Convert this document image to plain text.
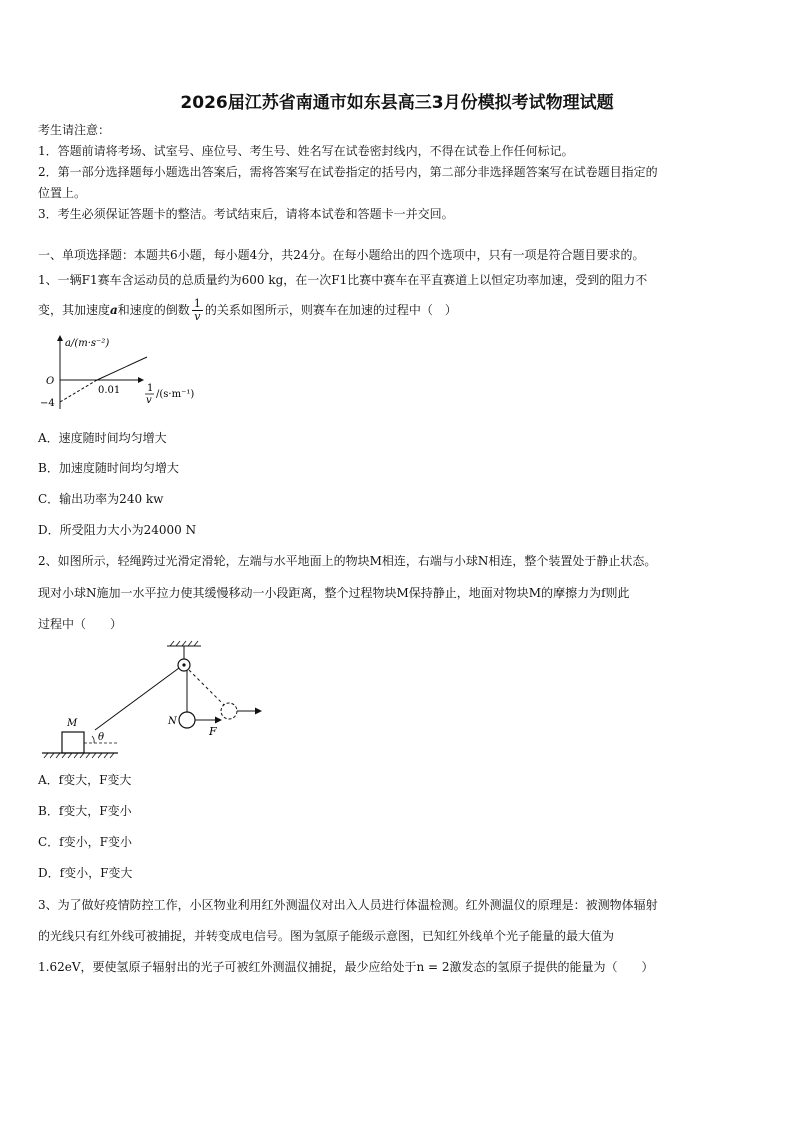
2026届江苏省南通市如东县高三3月份模拟考试物理试题
考生请注意：
1．答题前请将考场、试室号、座位号、考生号、姓名写在试卷密封线内，不得在试卷上作任何标记。
2．第一部分选择题每小题选出答案后，需将答案写在试卷指定的括号内，第二部分非选择题答案写在试卷题目指定的
位置上。
3．考生必须保证答题卡的整洁。考试结束后，请将本试卷和答题卡一并交回。
一、单项选择题：本题共6小题，每小题4分，共24分。在每小题给出的四个选项中，只有一项是符合题目要求的。
1、一辆F1赛车含运动员的总质量约为600 kg，在一次F1比赛中赛车在平直赛道上以恒定功率加速，受到的阻力不
变，其加速度a和速度的倒数 $\frac{1}{v}$ 的关系如图所示，则赛车在加速的过程中（　）
a/(m·s⁻²)
O
−4
0.01	1
v
/(s·m⁻¹)
A．速度随时间均匀增大
B．加速度随时间均匀增大
C．输出功率为240 kw
D．所受阻力大小为24000 N
2、如图所示，轻绳跨过光滑定滑轮，左端与水平地面上的物块M相连，右端与小球N相连，整个装置处于静止状态。
现对小球N施加一水平拉力使其缓慢移动一小段距离，整个过程物块M保持静止，地面对物块M的摩擦力为f则此
过程中（　　）
F
N
M
θ
A．f变大，F变大
B．f变大，F变小
C．f变小，F变小
D．f变小，F变大
3、为了做好疫情防控工作，小区物业利用红外测温仪对出入人员进行体温检测。红外测温仪的原理是：被测物体辐射
的光线只有红外线可被捕捉，并转变成电信号。图为氢原子能级示意图，已知红外线单个光子能量的最大值为
1.62eV，要使氢原子辐射出的光子可被红外测温仪捕捉，最少应给处于n = 2激发态的氢原子提供的能量为（　　）
